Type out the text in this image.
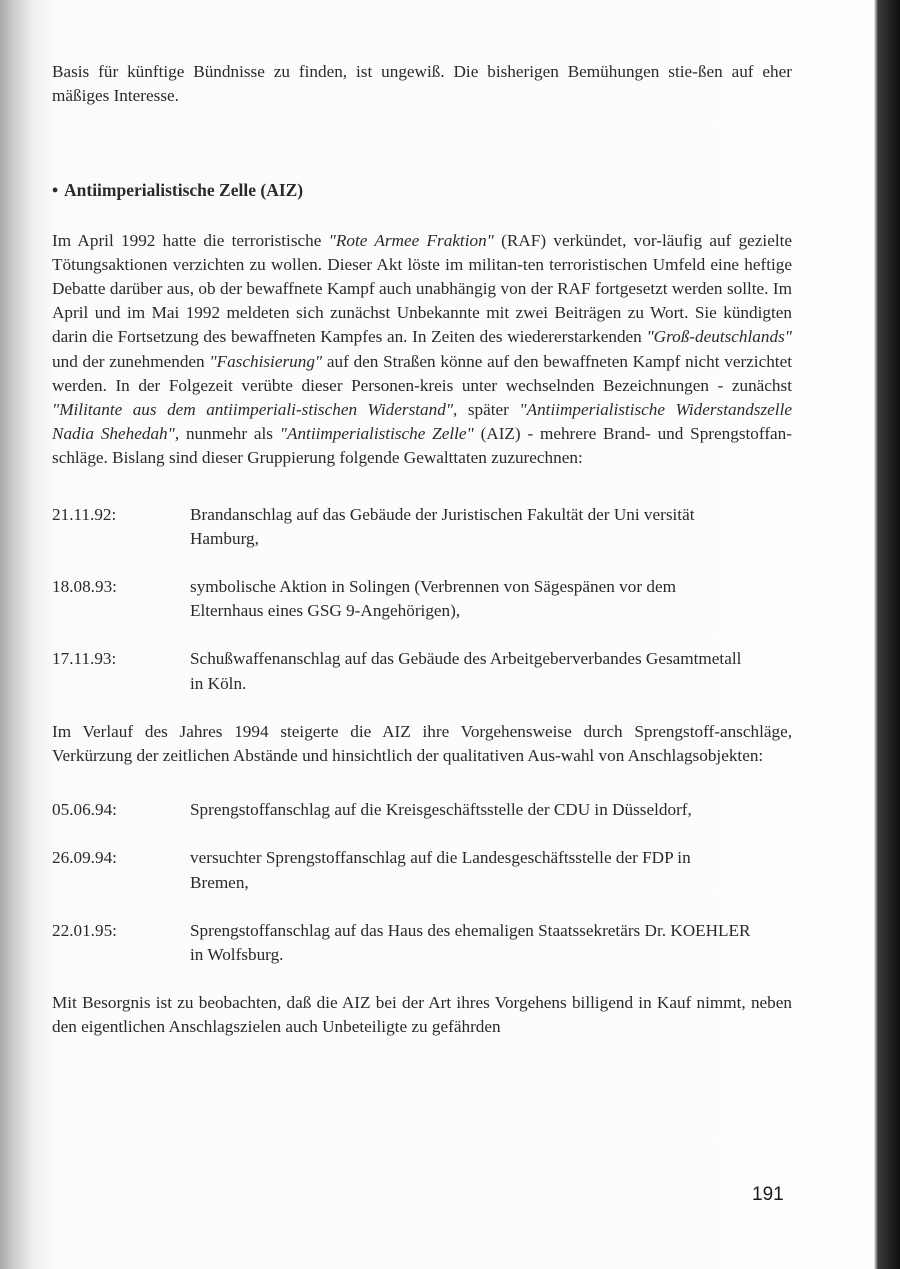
Basis für künftige Bündnisse zu finden, ist ungewiß. Die bisherigen Bemühungen stie-ßen auf eher mäßiges Interesse.

• Antiimperialistische Zelle (AIZ)

Im April 1992 hatte die terroristische "Rote Armee Fraktion" (RAF) verkündet, vor-läufig auf gezielte Tötungsaktionen verzichten zu wollen. Dieser Akt löste im militan-ten terroristischen Umfeld eine heftige Debatte darüber aus, ob der bewaffnete Kampf auch unabhängig von der RAF fortgesetzt werden sollte. Im April und im Mai 1992 meldeten sich zunächst Unbekannte mit zwei Beiträgen zu Wort. Sie kündigten darin die Fortsetzung des bewaffneten Kampfes an. In Zeiten des wiedererstarkenden "Groß-deutschlands" und der zunehmenden "Faschisierung" auf den Straßen könne auf den bewaffneten Kampf nicht verzichtet werden. In der Folgezeit verübte dieser Personen-kreis unter wechselnden Bezeichnungen - zunächst "Militante aus dem antiimperiali-stischen Widerstand", später "Antiimperialistische Widerstandszelle Nadia Shehedah", nunmehr als "Antiimperialistische Zelle" (AIZ) - mehrere Brand- und Sprengstoffan-schläge. Bislang sind dieser Gruppierung folgende Gewalttaten zuzurechnen:

21.11.92:	Brandanschlag auf das Gebäude der Juristischen Fakultät der Uni versität Hamburg,
18.08.93:	symbolische Aktion in Solingen (Verbrennen von Sägespänen vor dem Elternhaus eines GSG 9-Angehörigen),
17.11.93:	Schußwaffenanschlag auf das Gebäude des Arbeitgeberverbandes Gesamtmetall in Köln.

Im Verlauf des Jahres 1994 steigerte die AIZ ihre Vorgehensweise durch Sprengstoff-anschläge, Verkürzung der zeitlichen Abstände und hinsichtlich der qualitativen Aus-wahl von Anschlagsobjekten:

05.06.94:	Sprengstoffanschlag auf die Kreisgeschäftsstelle der CDU in Düsseldorf,
26.09.94:	versuchter Sprengstoffanschlag auf die Landesgeschäftsstelle der FDP in Bremen,
22.01.95:	Sprengstoffanschlag auf das Haus des ehemaligen Staatssekretärs Dr. KOEHLER in Wolfsburg.

Mit Besorgnis ist zu beobachten, daß die AIZ bei der Art ihres Vorgehens billigend in Kauf nimmt, neben den eigentlichen Anschlagszielen auch Unbeteiligte zu gefährden

191
